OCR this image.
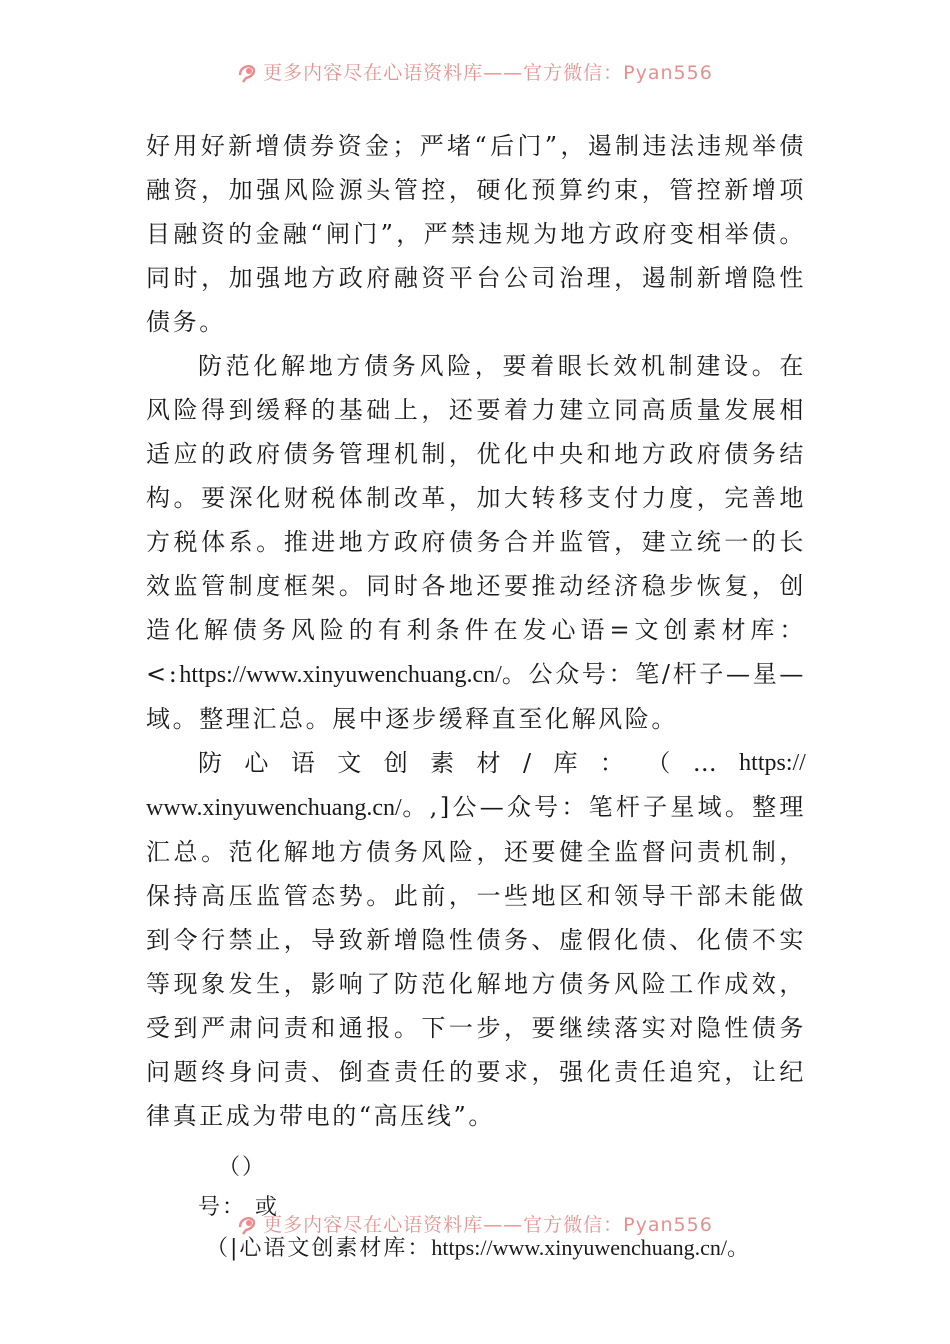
更多内容尽在心语资料库——官方微信：Pyan556

好用好新增债券资金；严堵“后门”，遏制违法违规举债融资，加强风险源头管控，硬化预算约束，管控新增项目融资的金融“闸门”，严禁违规为地方政府变相举债。同时，加强地方政府融资平台公司治理，遏制新增隐性债务。

防范化解地方债务风险，要着眼长效机制建设。在风险得到缓释的基础上，还要着力建立同高质量发展相适应的政府债务管理机制，优化中央和地方政府债务结构。要深化财税体制改革，加大转移支付力度，完善地方税体系。推进地方政府债务合并监管，建立统一的长效监管制度框架。同时各地还要推动经济稳步恢复，创造化解债务风险的有利条件在发心语=文创素材库：<:https://www.xinyuwenchuang.cn/。公众号：笔/杆子—星—域。整理汇总。展中逐步缓释直至化解风险。

防 心 语 文 创 素 材 / 库 ： （ … https://

www.xinyuwenchuang.cn/。,]公—众号：笔杆子星域。整理汇总。范化解地方债务风险，还要健全监督问责机制，保持高压监管态势。此前，一些地区和领导干部未能做到令行禁止，导致新增隐性债务、虚假化债、化债不实等现象发生，影响了防范化解地方债务风险工作成效，受到严肃问责和通报。下一步，要继续落实对隐性债务问题终身问责、倒查责任的要求，强化责任追究，让纪律真正成为带电的“高压线”。

（）
号： 或
（|心语文创素材库：https://www.xinyuwenchuang.cn/。
更多内容尽在心语资料库——官方微信：Pyan556
